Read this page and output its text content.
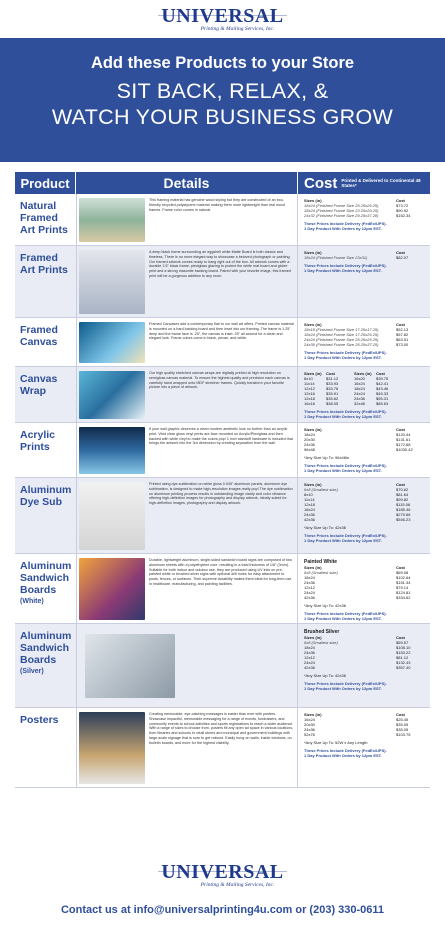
UNIVERSAL
Printing & Mailing Services, Inc.
Add these Products to your Store
SIT BACK, RELAX, &
WATCH YOUR BUSINESS GROW
Product	Details	Cost Printed & Delivered to Continental 48 States*
Natural Framed Art Prints
This framing material has genuine wood styling but they are constructed of an eco-friendly recycled polystyrene material making them more lightweight than real wood frames. Frame color comes in natural.
Sizes (in)	Cost
18x24 (Finished Frame Size 25.25x25.25)	$73.72
18x24 (Finished Frame Size 23.25x29.25)	$90.92
24x32 (Finished Frame Size 29.25x37.28)	$152.34
These Prices Include Delivery (FedEx/UPS).
1 Day Product With Orders by 12pm EST.
Framed Art Prints
A deep black frame surrounding an eggshell white Matte Board is both classic and timeless. There is no more elegant way to showcase a beloved photograph or painting. Our framed artwork comes ready to hang right out of the box. All artwork comes with a durable 1.5" black frame, plexiglass glazing to protect the white mat board and giclee print and a strong masonite backing board. Paired with your favorite image, this framed print will be a gorgeous addition to any room.
Sizes (in)	Cost
18x24 (Finished Frame Size 23x31)	$82.07
These Prices Include Delivery (FedEx/UPS).
1 Day Product With Orders by 12pm EST.
Framed Canvas
Framed Canvases add a contemporary flair to our wall art offers. Printed canvas material is mounted on a hard backing board and then inset into our framing. The frame is 1.25" deep and the frame face is .25", the canvas is inset .25" all around for a clean and elegant look. Frame colors come in black, pecan, and white.
Sizes (in)	Cost
18x18 (Finished Frame Size 17.25x17.25)	$52.13
18x24 (Finished Frame Size 17.25x25.25)	$57.82
24x24 (Finished Frame Size 25.25x25.25)	$63.51
24x36 (Finished Frame Size 25.25x37.25)	$73.00
These Prices Include Delivery (FedEx/UPS).
1 Day Product With Orders by 12pm EST.
Canvas Wrap
Our high quality stretched canvas wraps are digitally printed at high resolution on semigloss canvas material. To ensure the highest quality and precision each canvas is carefully hand wrapped onto MDF stretcher frames. Quickly transform your favorite picture into a piece of artwork.
Sizes (in)	Cost	Sizes (in)	Cost
8x10	$31.12	16x20	$39.75
11x14	$33.93	16x24	$42.41
12x12	$33.76	18x24	$43.46
12x16	$35.91	24x24	$45.33
12x18	$35.62	24x36	$55.31
16x16	$38.05	32x48	$85.63
These Prices Include Delivery (FedEx/UPS).
1 Day Product With Orders by 12pm EST.
Acrylic Prints
If your wall graphic deserves a clean modern aesthetic look no further than an acrylic print. Vivid clear gloss vinyl prints are face mounted on Acrylic/Plexiglass and then backed with white vinyl to make the colors pop! 1 inch standoff hardware is included that brings the artwork into the 3rd dimension by creating separation from the wall.
Sizes (in)	Cost
18x24	$120.44
20x30	$131.61
24x36	$172.68
96x48	$1030.42
*Any Size Up To: 96x48in
These Prices Include Delivery (FedEx/UPS).
1 Day Product With Orders by 12pm EST.
Aluminum Dye Sub
Printed using dye-sublimation on white gloss 0.045" aluminum panels, aluminum dye sublimation, is designed to make high-resolution images really pop! The dye sublimation on aluminum printing process results in outstanding image clarity and color vibrance offering high-definition images for photography and display artwork. Ideally suited for high-definition images, photography and display artwork.
Sizes (in)	Cost
6x8 (Smallest size)	$70.62
8x10	$81.64
11x14	$99.82
12x18	$115.06
18x24	$185.46
24x36	$279.66
42x36	$546.23
*Any Size Up To: 42x36
These Prices Include Delivery (FedEx/UPS).
1 Day Product With Orders by 12pm EST.
Aluminum Sandwich Boards
(White)
Durable, lightweight aluminum, single-sided sandwich board signs are composed of two aluminum sheets with a polyethylene core, resulting in a total thickness of 1/8" (3mm). Suitable for both indoor and outdoor use, they are produced using UV inks on pre-painted white or brushed silver signs with optional drill holes for easy attachment to posts, fences, or surfaces. Their supreme durability makes them ideal for long-term use in healthcare, manufacturing, and painting facilities.
Painted White
Sizes (in)	Cost
6x8 (Smallest size)	$69.08
18x24	$102.64
24x36	$151.34
12x12	$79.14
24x24	$124.81
42x36	$334.62
*Any Size Up To: 42x36
These Prices Include Delivery (FedEx/UPS).
1 Day Product With Orders by 12pm EST.
Aluminum Sandwich Boards
(Silver)
Brushed Silver
Sizes (in)	Cost
6x8 (Smallest size)	$69.57
18x24	$108.10
24x36	$153.22
12x12	$81.12
24x24	$132.43
42x36	$357.40
*Any Size Up To: 42x36
These Prices Include Delivery (FedEx/UPS).
1 Day Product With Orders by 12pm EST.
Posters	Creating memorable, eye-catching messages is easier than ever with posters. Showcase impactful, memorable messaging for a range of events, fundraisers, and community events to school activities and sports registrations to reach a wider audience. With a range of sizes to choose from, posters fill any open ad space in various locations, from libraries and schools to retail stores and municipal and government buildings with large-scale signage that is sure to get noticed. Easily hung on walls, inside windows, on bulletin boards, and more for the highest visibility.
Sizes (in)	Cost
16x24	$25.45
20x30	$35.05
24x36	$35.05
52x76	$103.75
*Any Size Up To: 52W x Any Length
These Prices Include Delivery (FedEx/UPS).
1 Day Product With Orders by 12pm EST.
UNIVERSAL
Printing & Mailing Services, Inc.
Contact us at info@universalprinting4u.com or (203) 330-0611
